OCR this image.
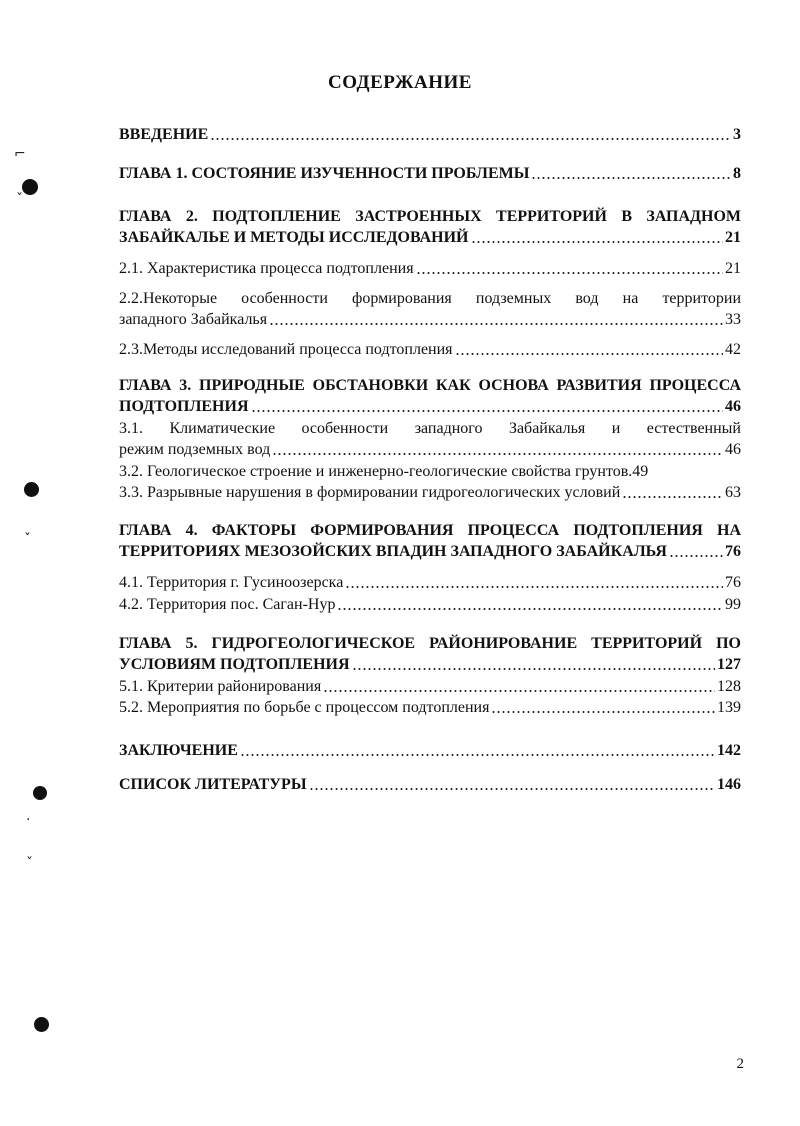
СОДЕРЖАНИЕ
ВВЕДЕНИЕ	3
ГЛАВА 1. СОСТОЯНИЕ ИЗУЧЕННОСТИ ПРОБЛЕМЫ	8
ГЛАВА 2. ПОДТОПЛЕНИЕ ЗАСТРОЕННЫХ ТЕРРИТОРИЙ В ЗАПАДНОМ
ЗАБАЙКАЛЬЕ И МЕТОДЫ ИССЛЕДОВАНИЙ	21
2.1. Характеристика процесса подтопления	21
2.2.Некоторые особенности формирования подземных вод на территории
западного Забайкалья	33
2.3.Методы исследований процесса подтопления	42
ГЛАВА 3. ПРИРОДНЫЕ ОБСТАНОВКИ КАК ОСНОВА РАЗВИТИЯ ПРОЦЕССА
ПОДТОПЛЕНИЯ	46
3.1. Климатические особенности западного Забайкалья и естественный
режим подземных вод	46
3.2. Геологическое строение и инженерно-геологические свойства грунтов. 49
3.3. Разрывные нарушения в формировании гидрогеологических условий	63
ГЛАВА 4. ФАКТОРЫ ФОРМИРОВАНИЯ ПРОЦЕССА ПОДТОПЛЕНИЯ НА
ТЕРРИТОРИЯХ МЕЗОЗОЙСКИХ ВПАДИН ЗАПАДНОГО ЗАБАЙКАЛЬЯ	76
4.1. Территория г. Гусиноозерска	76
4.2. Территория пос. Саган-Нур	99
ГЛАВА 5. ГИДРОГЕОЛОГИЧЕСКОЕ РАЙОНИРОВАНИЕ ТЕРРИТОРИЙ ПО
УСЛОВИЯМ ПОДТОПЛЕНИЯ	127
5.1. Критерии районирования	128
5.2. Мероприятия по борьбе с процессом подтопления	139
ЗАКЛЮЧЕНИЕ	142
СПИСОК ЛИТЕРАТУРЫ	146
2
⌐
ˇ
ˇ
·
ˇ
